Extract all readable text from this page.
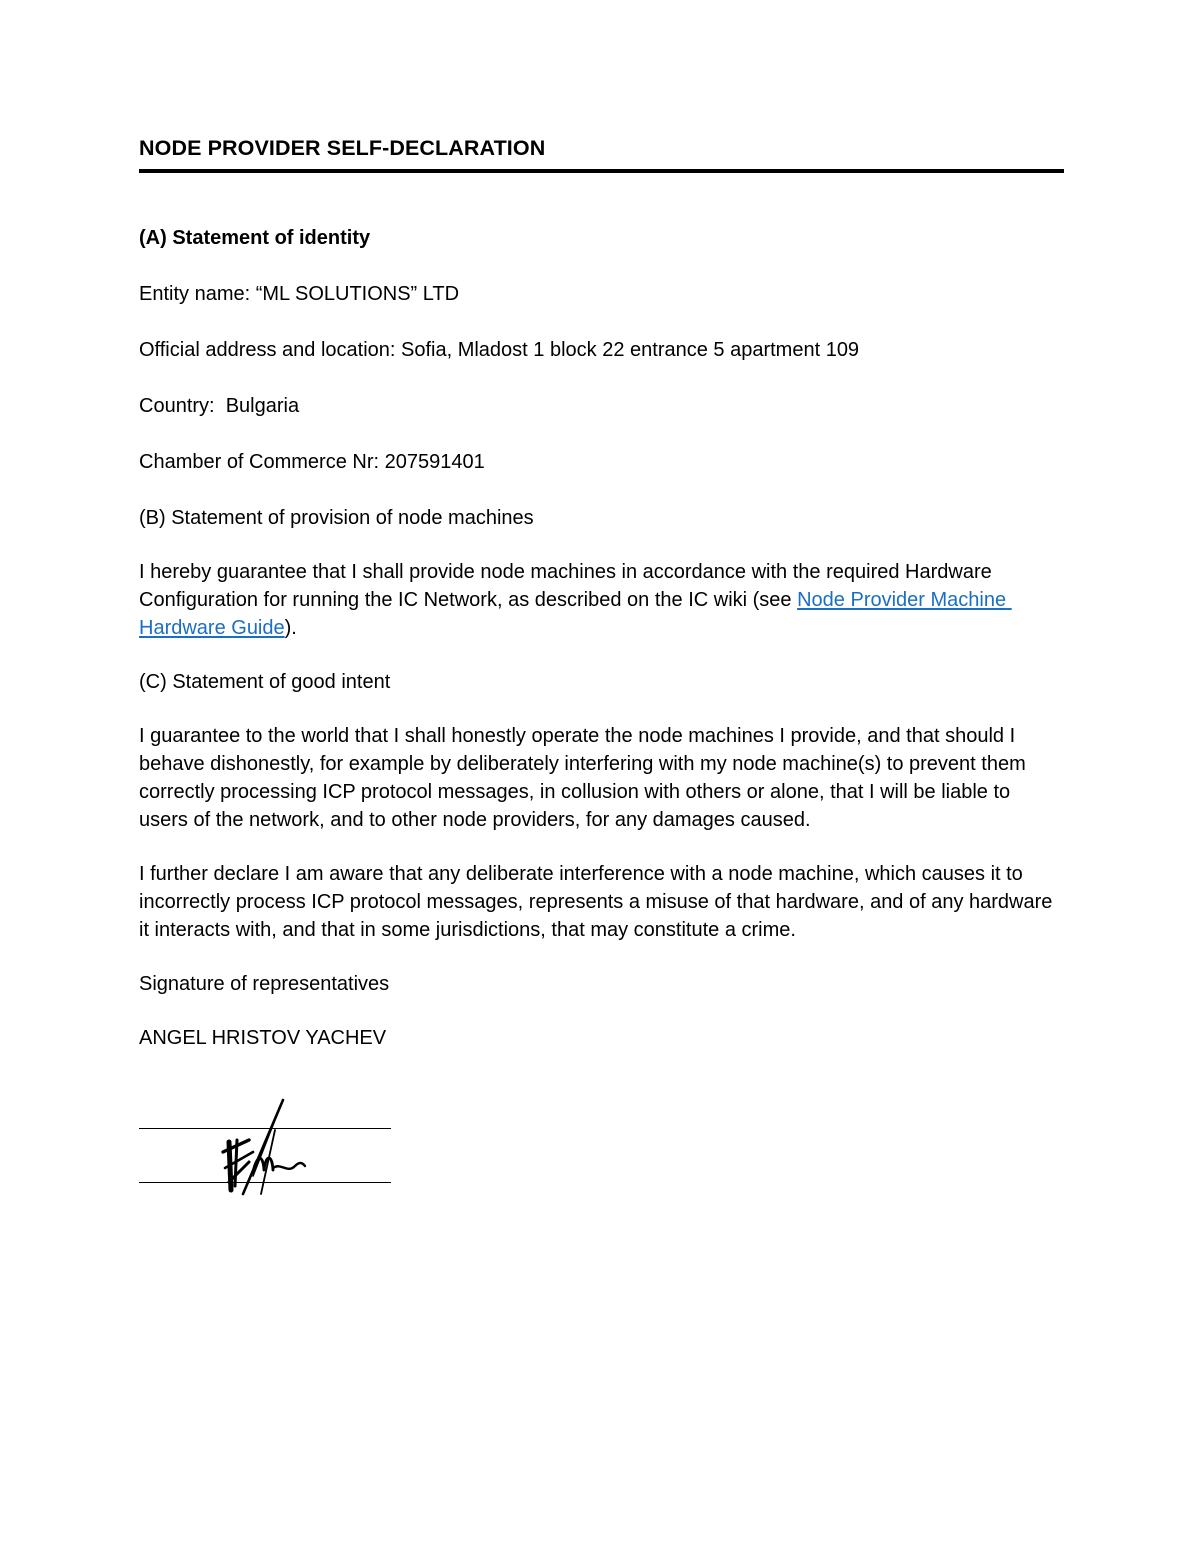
NODE PROVIDER SELF-DECLARATION

(A) Statement of identity

Entity name: “ML SOLUTIONS” LTD

Official address and location: Sofia, Mladost 1 block 22 entrance 5 apartment 109

Country:  Bulgaria

Chamber of Commerce Nr: 207591401

(B) Statement of provision of node machines

I hereby guarantee that I shall provide node machines in accordance with the required Hardware Configuration for running the IC Network, as described on the IC wiki (see Node Provider Machine Hardware Guide).

(C) Statement of good intent

I guarantee to the world that I shall honestly operate the node machines I provide, and that should I behave dishonestly, for example by deliberately interfering with my node machine(s) to prevent them correctly processing ICP protocol messages, in collusion with others or alone, that I will be liable to users of the network, and to other node providers, for any damages caused.

I further declare I am aware that any deliberate interference with a node machine, which causes it to incorrectly process ICP protocol messages, represents a misuse of that hardware, and of any hardware it interacts with, and that in some jurisdictions, that may constitute a crime.

Signature of representatives

ANGEL HRISTOV YACHEV
